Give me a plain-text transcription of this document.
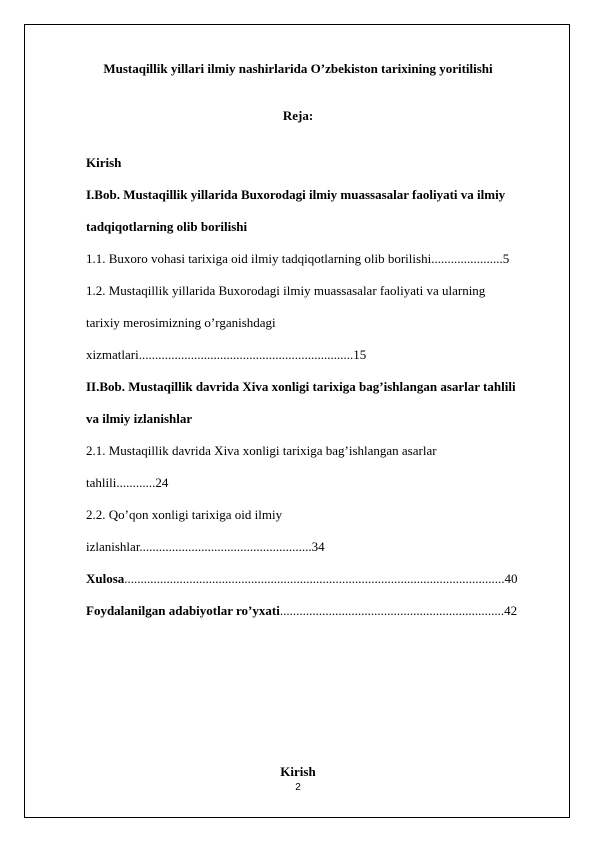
Mustaqillik yillari ilmiy nashirlarida O’zbekiston tarixining yoritilishi
Reja:
Kirish
I.Bob. Mustaqillik yillarida Buxorodagi ilmiy muassasalar faoliyati va ilmiy
tadqiqotlarning olib borilishi
1.1. Buxoro vohasi tarixiga oid ilmiy tadqiqotlarning olib borilishi......................5
1.2. Mustaqillik yillarida Buxorodagi ilmiy muassasalar faoliyati va ularning
tarixiy merosimizning o’rganishdagi
xizmatlari..................................................................15
II.Bob. Mustaqillik davrida Xiva xonligi tarixiga bag’ishlangan asarlar tahlili
va ilmiy izlanishlar
2.1. Mustaqillik davrida Xiva xonligi tarixiga bag’ishlangan asarlar
tahlili............24
2.2. Qo’qon xonligi tarixiga oid ilmiy
izlanishlar.....................................................34
Xulosa.....................................................................................................................40
Foydalanilgan adabiyotlar ro’yxati.....................................................................42
Kirish
2
